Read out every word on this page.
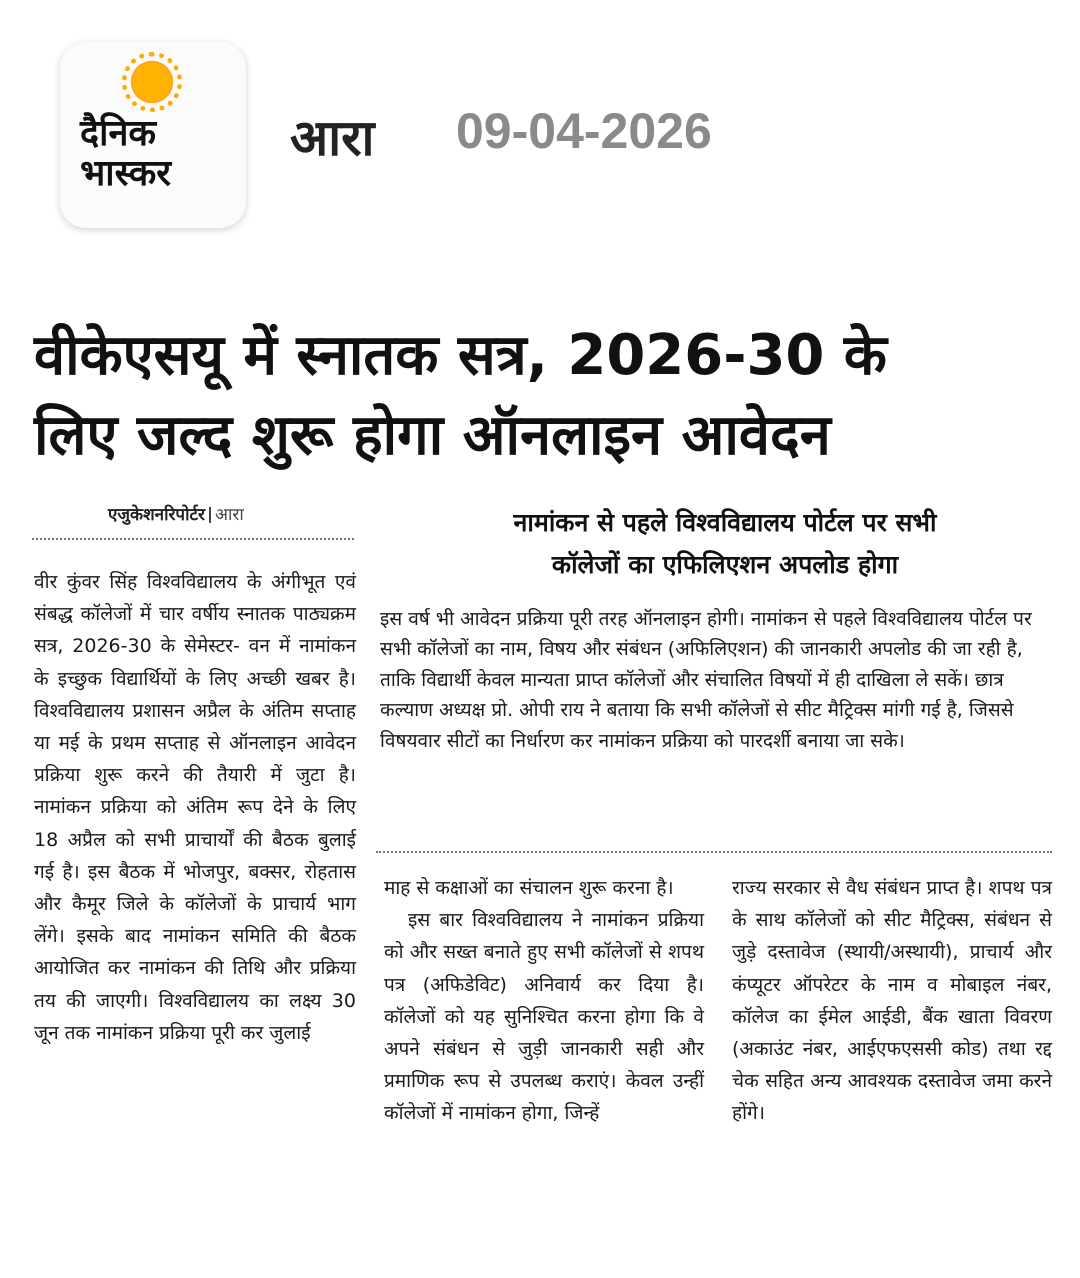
दैनिक
भास्कर
आरा 09-04-2026
वीकेएसयू में स्नातक सत्र, 2026-30 के
लिए जल्द शुरू होगा ऑनलाइन आवेदन
एजुकेशनरिपोर्टर आरा	नामांकन से पहले विश्वविद्यालय पोर्टल पर सभी
कॉलेजों का एफिलिएशन अपलोड होगा
वीर कुंवर सिंह विश्वविद्यालय के अंगीभूत एवं संबद्ध कॉलेजों में चार वर्षीय स्नातक पाठ्यक्रम सत्र, 2026-30 के सेमेस्टर- वन में नामांकन के इच्छुक विद्यार्थियों के लिए अच्छी खबर है। विश्वविद्यालय प्रशासन अप्रैल के अंतिम सप्ताह या मई के प्रथम सप्ताह से ऑनलाइन आवेदन प्रक्रिया शुरू करने की तैयारी में जुटा है। नामांकन प्रक्रिया को अंतिम रूप देने के लिए 18 अप्रैल को सभी प्राचार्यों की बैठक बुलाई गई है। इस बैठक में भोजपुर, बक्सर, रोहतास और कैमूर जिले के कॉलेजों के प्राचार्य भाग लेंगे। इसके बाद नामांकन समिति की बैठक आयोजित कर नामांकन की तिथि और प्रक्रिया तय की जाएगी। विश्वविद्यालय का लक्ष्य 30 जून तक नामांकन प्रक्रिया पूरी कर जुलाई
इस वर्ष भी आवेदन प्रक्रिया पूरी तरह ऑनलाइन होगी। नामांकन से पहले विश्वविद्यालय पोर्टल पर सभी कॉलेजों का नाम, विषय और संबंधन (अफिलिएशन) की जानकारी अपलोड की जा रही है, ताकि विद्यार्थी केवल मान्यता प्राप्त कॉलेजों और संचालित विषयों में ही दाखिला ले सकें। छात्र कल्याण अध्यक्ष प्रो. ओपी राय ने बताया कि सभी कॉलेजों से सीट मैट्रिक्स मांगी गई है, जिससे विषयवार सीटों का निर्धारण कर नामांकन प्रक्रिया को पारदर्शी बनाया जा सके।
माह से कक्षाओं का संचालन शुरू करना है।
इस बार विश्वविद्यालय ने नामांकन प्रक्रिया को और सख्त बनाते हुए सभी कॉलेजों से शपथ पत्र (अफिडेविट) अनिवार्य कर दिया है। कॉलेजों को यह सुनिश्चित करना होगा कि वे अपने संबंधन से जुड़ी जानकारी सही और प्रमाणिक रूप से उपलब्ध कराएं। केवल उन्हीं कॉलेजों में नामांकन होगा, जिन्हें
राज्य सरकार से वैध संबंधन प्राप्त है। शपथ पत्र के साथ कॉलेजों को सीट मैट्रिक्स, संबंधन से जुड़े दस्तावेज (स्थायी/अस्थायी), प्राचार्य और कंप्यूटर ऑपरेटर के नाम व मोबाइल नंबर, कॉलेज का ईमेल आईडी, बैंक खाता विवरण (अकाउंट नंबर, आईएफएससी कोड) तथा रद्द चेक सहित अन्य आवश्यक दस्तावेज जमा करने होंगे।
